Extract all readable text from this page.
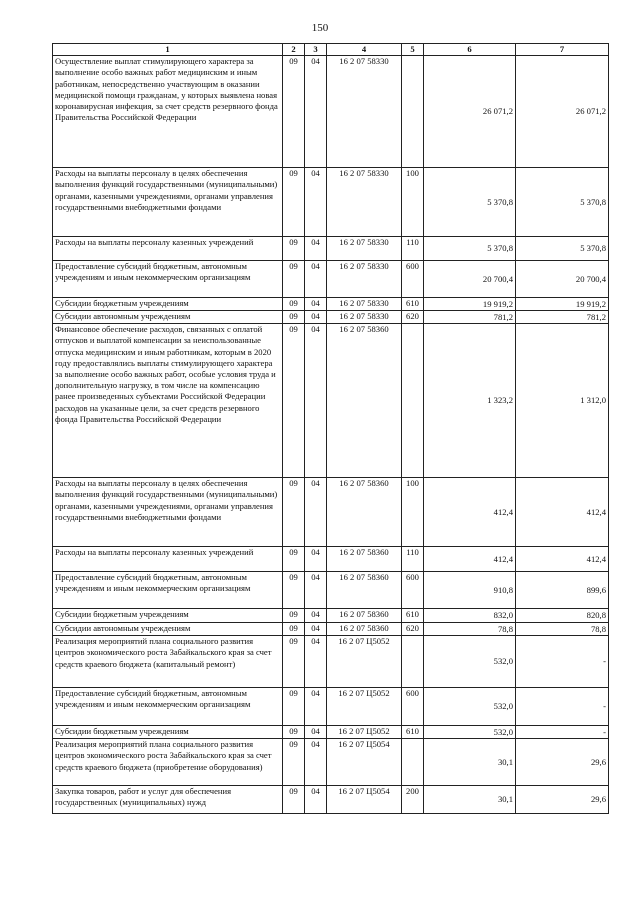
150
1	2	3	4	5	6	7
Осуществление выплат стимулирующего характера за выполнение особо важных работ медицинским и иным работникам, непосредственно участвующим в оказании медицинской помощи гражданам, у которых выявлена новая коронавирусная инфекция, за счет средств резервного фонда Правительства Российской Федерации	09	04	16 2 07 58330		26 071,2	26 071,2
Расходы на выплаты персоналу в целях обеспечения выполнения функций государственными (муниципальными) органами, казенными учреждениями, органами управления государственными внебюджетными фондами	09	04	16 2 07 58330	100	5 370,8	5 370,8
Расходы на выплаты персоналу казенных учреждений	09	04	16 2 07 58330	110	5 370,8	5 370,8
Предоставление субсидий бюджетным, автономным учреждениям и иным некоммерческим организациям	09	04	16 2 07 58330	600	20 700,4	20 700,4
Субсидии бюджетным учреждениям	09	04	16 2 07 58330	610	19 919,2	19 919,2
Субсидии автономным учреждениям	09	04	16 2 07 58330	620	781,2	781,2
Финансовое обеспечение расходов, связанных с оплатой отпусков и выплатой компенсации за неиспользованные отпуска медицинским и иным работникам, которым в 2020 году предоставлялись выплаты стимулирующего характера за выполнение особо важных работ, особые условия труда и дополнительную нагрузку, в том числе на компенсацию ранее произведенных субъектами Российской Федерации расходов на указанные цели, за счет средств резервного фонда Правительства Российской Федерации	09	04	16 2 07 58360		1 323,2	1 312,0
Расходы на выплаты персоналу в целях обеспечения выполнения функций государственными (муниципальными) органами, казенными учреждениями, органами управления государственными внебюджетными фондами	09	04	16 2 07 58360	100	412,4	412,4
Расходы на выплаты персоналу казенных учреждений	09	04	16 2 07 58360	110	412,4	412,4
Предоставление субсидий бюджетным, автономным учреждениям и иным некоммерческим организациям	09	04	16 2 07 58360	600	910,8	899,6
Субсидии бюджетным учреждениям	09	04	16 2 07 58360	610	832,0	820,8
Субсидии автономным учреждениям	09	04	16 2 07 58360	620	78,8	78,8
Реализация мероприятий плана социального развития центров экономического роста Забайкальского края за счет средств краевого бюджета (капитальный ремонт)	09	04	16 2 07 Ц5052		532,0	-
Предоставление субсидий бюджетным, автономным учреждениям и иным некоммерческим организациям	09	04	16 2 07 Ц5052	600	532,0	-
Субсидии бюджетным учреждениям	09	04	16 2 07 Ц5052	610	532,0	-
Реализация мероприятий плана социального развития центров экономического роста Забайкальского края за счет средств краевого бюджета (приобретение оборудования)	09	04	16 2 07 Ц5054		30,1	29,6
Закупка товаров, работ и услуг для обеспечения государственных (муниципальных) нужд	09	04	16 2 07 Ц5054	200	30,1	29,6
